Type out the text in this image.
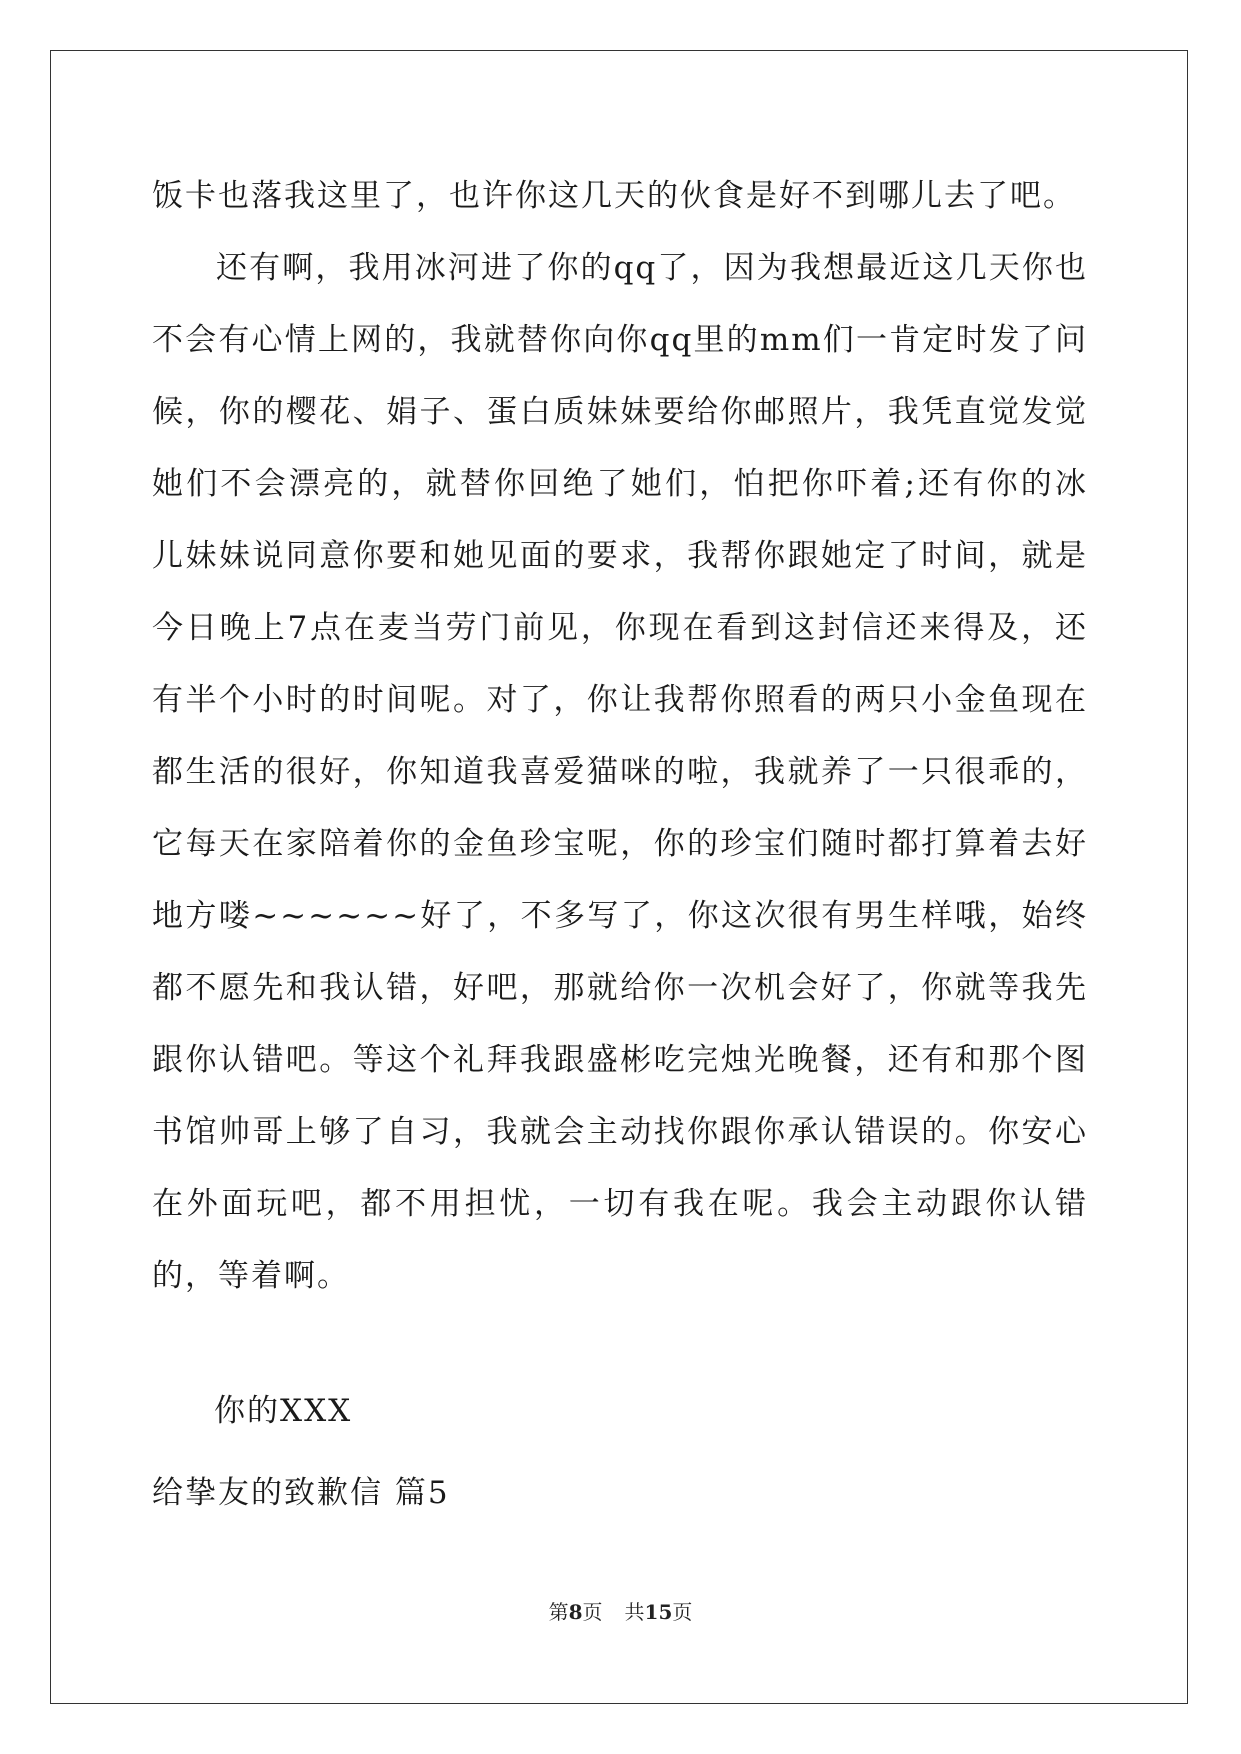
饭卡也落我这里了，也许你这几天的伙食是好不到哪儿去了吧。

还有啊，我用冰河进了你的qq了，因为我想最近这几天你也不会有心情上网的，我就替你向你qq里的mm们一肯定时发了问候，你的樱花、娟子、蛋白质妹妹要给你邮照片，我凭直觉发觉她们不会漂亮的，就替你回绝了她们，怕把你吓着;还有你的冰儿妹妹说同意你要和她见面的要求，我帮你跟她定了时间，就是今日晚上7点在麦当劳门前见，你现在看到这封信还来得及，还有半个小时的时间呢。对了，你让我帮你照看的两只小金鱼现在都生活的很好，你知道我喜爱猫咪的啦，我就养了一只很乖的，它每天在家陪着你的金鱼珍宝呢，你的珍宝们随时都打算着去好地方喽~~~~~~好了，不多写了，你这次很有男生样哦，始终都不愿先和我认错，好吧，那就给你一次机会好了，你就等我先跟你认错吧。等这个礼拜我跟盛彬吃完烛光晚餐，还有和那个图书馆帅哥上够了自习，我就会主动找你跟你承认错误的。你安心在外面玩吧，都不用担忧，一切有我在呢。我会主动跟你认错的，等着啊。

你的XXX

给挚友的致歉信 篇5

第8页 共15页
